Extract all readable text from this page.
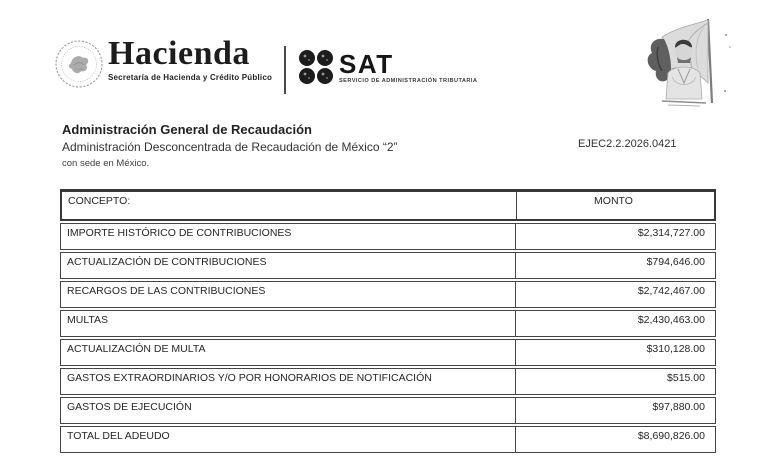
Hacienda
Secretaría de Hacienda y Crédito Público	SAT
SERVICIO DE ADMINISTRACIÓN TRIBUTARIA
Administración General de Recaudación
Administración Desconcentrada de Recaudación de México “2”
con sede en México.
EJEC2.2.2026.0421
CONCEPTO:	MONTO
IMPORTE HISTÓRICO DE CONTRIBUCIONES	$2,314,727.00
ACTUALIZACIÓN DE CONTRIBUCIONES	$794,646.00
RECARGOS DE LAS CONTRIBUCIONES	$2,742,467.00
MULTAS	$2,430,463.00
ACTUALIZACIÓN DE MULTA	$310,128.00
GASTOS EXTRAORDINARIOS Y/O POR HONORARIOS DE NOTIFICACIÓN	$515.00
GASTOS DE EJECUCIÓN	$97,880.00
TOTAL DEL ADEUDO	$8,690,826.00
